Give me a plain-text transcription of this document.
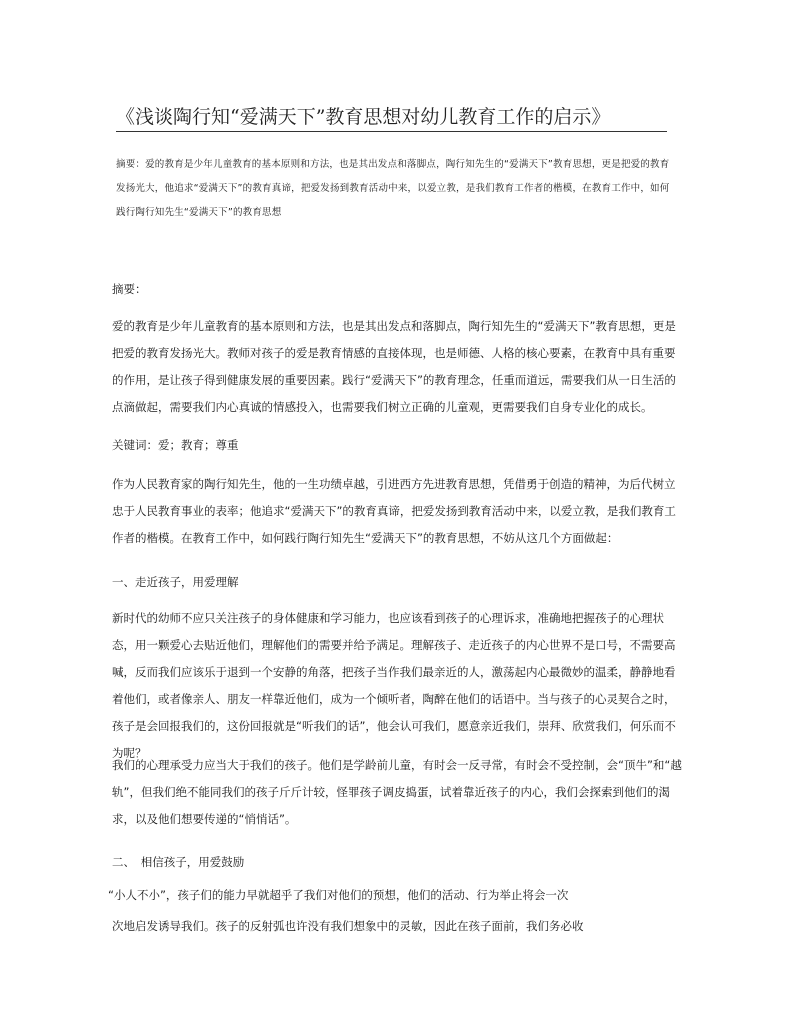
《浅谈陶行知“爱满天下”教育思想对幼儿教育工作的启示》
摘要：爱的教育是少年儿童教育的基本原则和方法，也是其出发点和落脚点，陶行知先生的“爱满天下”教育思想，更是把爱的教育发扬光大，他追求“爱满天下”的教育真谛，把爱发扬到教育活动中来，以爱立教，是我们教育工作者的楷模，在教育工作中，如何践行陶行知先生“爱满天下”的教育思想
摘要：
爱的教育是少年儿童教育的基本原则和方法，也是其出发点和落脚点，陶行知先生的“爱满天下”教育思想，更是把爱的教育发扬光大。教师对孩子的爱是教育情感的直接体现，也是师德、人格的核心要素，在教育中具有重要的作用，是让孩子得到健康发展的重要因素。践行“爱满天下”的教育理念，任重而道远，需要我们从一日生活的点滴做起，需要我们内心真诚的情感投入，也需要我们树立正确的儿童观，更需要我们自身专业化的成长。
关键词：爱；教育；尊重
作为人民教育家的陶行知先生，他的一生功绩卓越，引进西方先进教育思想，凭借勇于创造的精神，为后代树立忠于人民教育事业的表率；他追求“爱满天下”的教育真谛，把爱发扬到教育活动中来，以爱立教，是我们教育工作者的楷模。在教育工作中，如何践行陶行知先生“爱满天下”的教育思想，不妨从这几个方面做起：
一、走近孩子，用爱理解
新时代的幼师不应只关注孩子的身体健康和学习能力，也应该看到孩子的心理诉求，准确地把握孩子的心理状态，用一颗爱心去贴近他们，理解他们的需要并给予满足。理解孩子、走近孩子的内心世界不是口号，不需要高喊，反而我们应该乐于退到一个安静的角落，把孩子当作我们最亲近的人，激荡起内心最微妙的温柔，静静地看着他们，或者像亲人、朋友一样靠近他们，成为一个倾听者，陶醉在他们的话语中。当与孩子的心灵契合之时，孩子是会回报我们的，这份回报就是“听我们的话”，他会认可我们，愿意亲近我们，崇拜、欣赏我们，何乐而不为呢？
我们的心理承受力应当大于我们的孩子。他们是学龄前儿童，有时会一反寻常，有时会不受控制，会“顶牛”和“越轨”，但我们绝不能同我们的孩子斤斤计较，怪罪孩子调皮捣蛋，试着靠近孩子的内心，我们会探索到他们的渴求，以及他们想要传递的“悄悄话”。
二、　相信孩子，用爱鼓励
“小人不小”，孩子们的能力早就超乎了我们对他们的预想，他们的活动、行为举止将会一次
次地启发诱导我们。孩子的反射弧也许没有我们想象中的灵敏，因此在孩子面前，我们务必收
